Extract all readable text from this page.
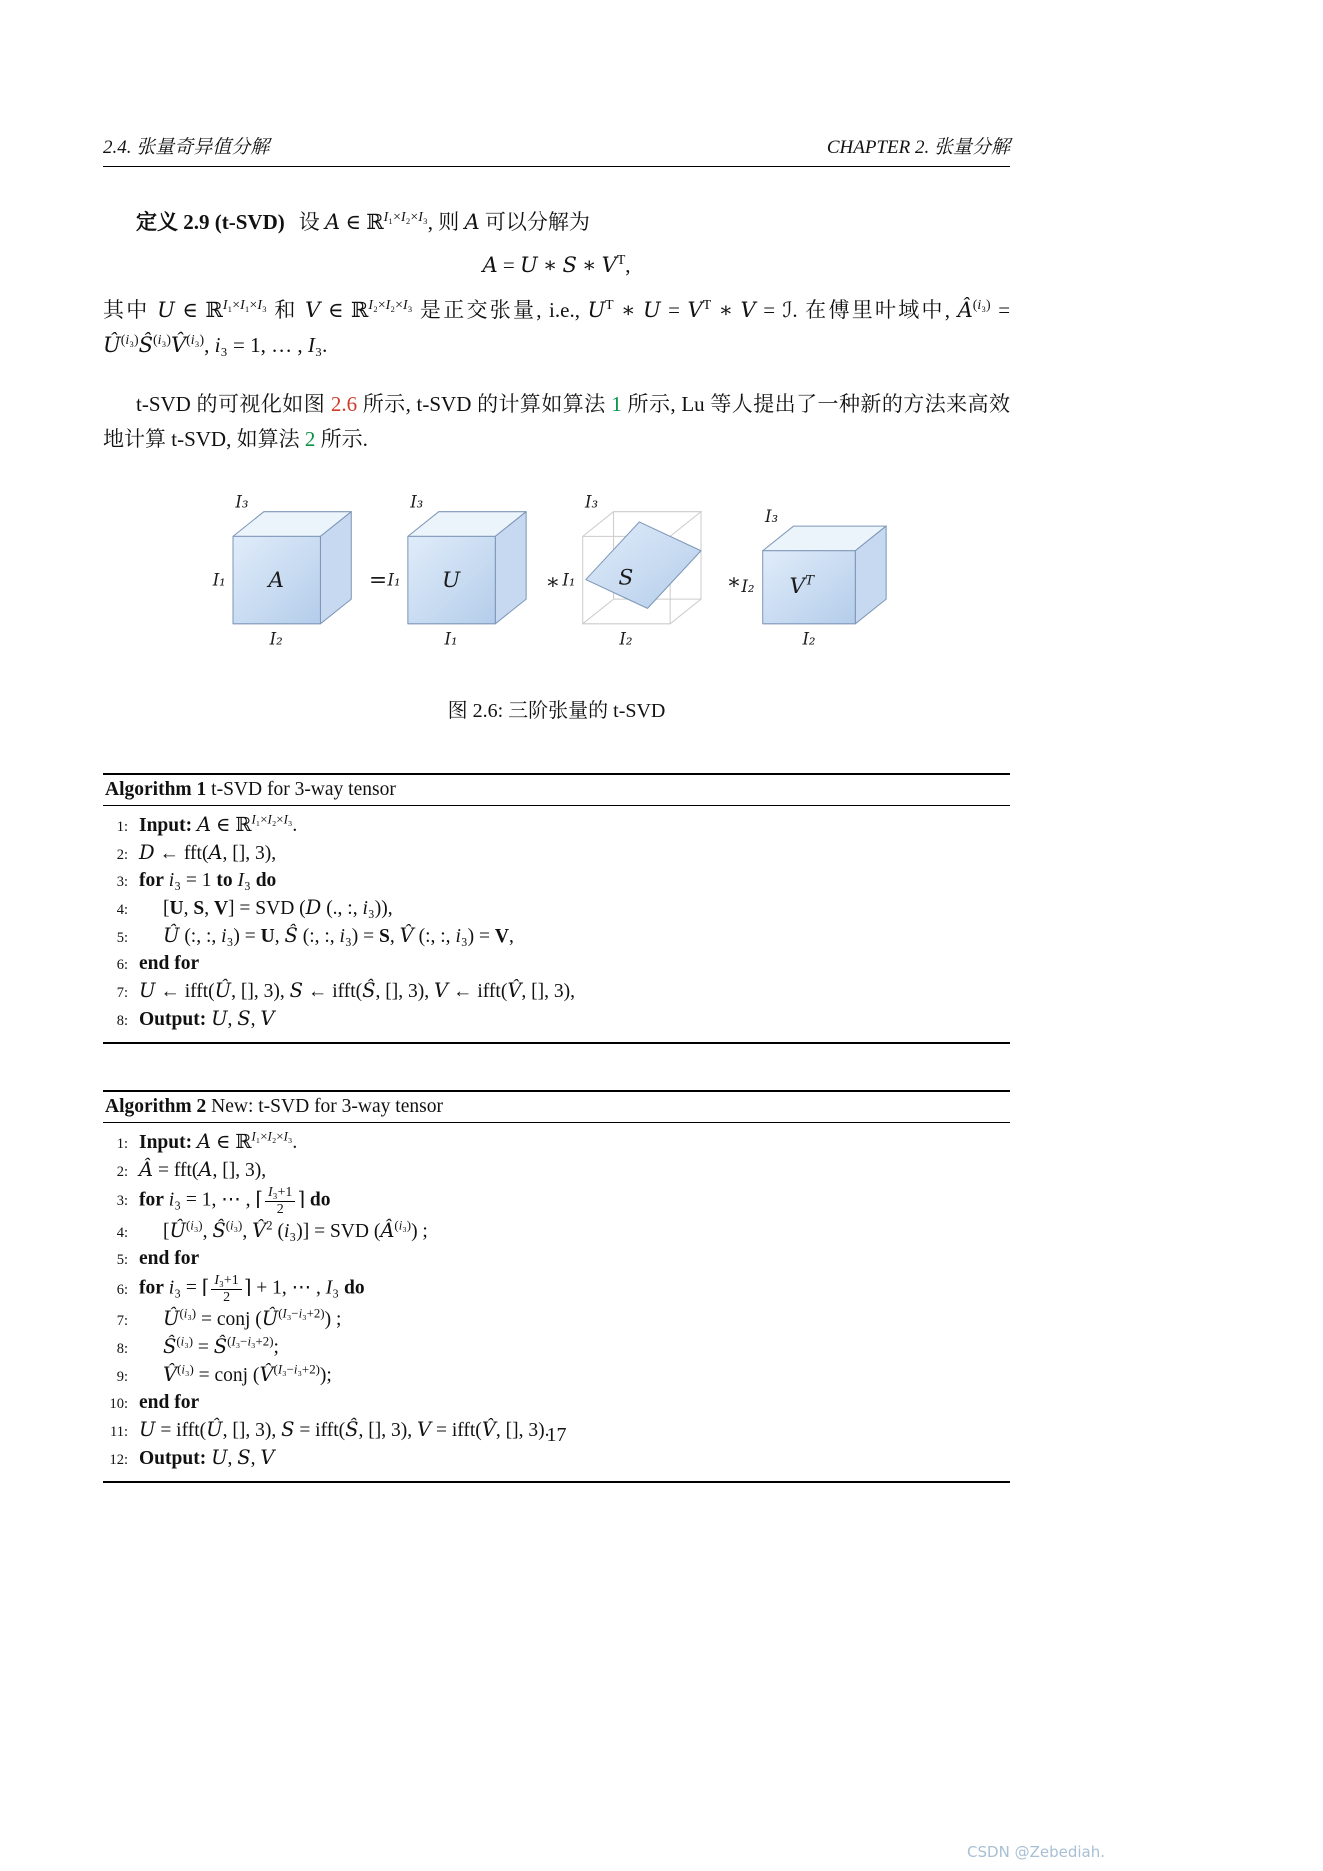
2.4. 张量奇异值分解	CHAPTER 2. 张量分解

定义 2.9 (t-SVD) 设 A ∈ ℝ$^{I_1\times I_2\times I_3}$, 则 A 可以分解为

A = U ∗ S ∗ $V^T$,

其中 U ∈ ℝ$^{I_1\times I_1\times I_3}$ 和 V ∈ ℝ$^{I_2\times I_2\times I_3}$ 是正交张量, i.e., $U^T$ ∗ $U = V^T$ ∗ V = ℐ. 在傅里叶域中, $Â^{(i_3)}$ = $Û^{(i_3)}Ŝ^{(i_3)}V̂^{(i_3)}$, i₃ = 1, … , I₃.

t-SVD 的可视化如图 2.6 所示, t-SVD 的计算如算法 1 所示, Lu 等人提出了一种新的方法来高效地计算 t-SVD, 如算法 2 所示.

I₃
I₁ A
I₂
=
I₃
I₁ U
I₁
∗
I₃
I₁ S
I₂
∗
I₃
I₂ $V^T$
I₂
图 2.6: 三阶张量的 t-SVD
Algorithm 1 t-SVD for 3-way tensor
1: Input: A ∈ ℝ$^{I_1\times I_2\times I_3}$.
2: D ← fft(A, [], 3),
3: for i₃ = 1 to I₃ do
4:	[U, S, V] = SVD (D (., :, i₃)),
5:	Û (:, :, i₃) = U, Ŝ (:, :, i₃) = S, V̂ (:, :, i₃) = V,
6: end for
7: U ← ifft(Û, [], 3), S ← ifft(Ŝ, [], 3), V ← ifft(V̂, [], 3),
8: Output: U, S, V
Algorithm 2 New: t-SVD for 3-way tensor
1: Input: A ∈ ℝ$^{I_1\times I_2\times I_3}$.
2: Â = fft(A, [], 3),
3: for i₃ = 1, ⋯ , ⌈ $\frac{\text{I₃+1}}{2}$ ⌉ do
4:	[$Û^{(i_3)}$, $Ŝ^{(i_3)}$, V̂$^2$ (i₃)] = SVD $(Â^{(i_3)})$ ;
5: end for
6: for i₃ = ⌈ $\frac{\text{I₃+1}}{2}$ ⌉ + 1, ⋯ , I₃ do
7:	$Û^{(i_3)}$ = conj $(Û^{(I_3-i_3+2)})$ ;
8:	$Ŝ^{(i_3)}$ = $Ŝ^{(I_3-i_3+2)}$;
9:	V̂$^{(i_3)}$ = conj (V̂$^{(I_3-i_3+2)}$);
10: end for
11: U = ifft(Û, [], 3), S = ifft(Ŝ, [], 3), V = ifft(V̂, [], 3).
12: Output: U, S, V
17
CSDN @Zebediah.
